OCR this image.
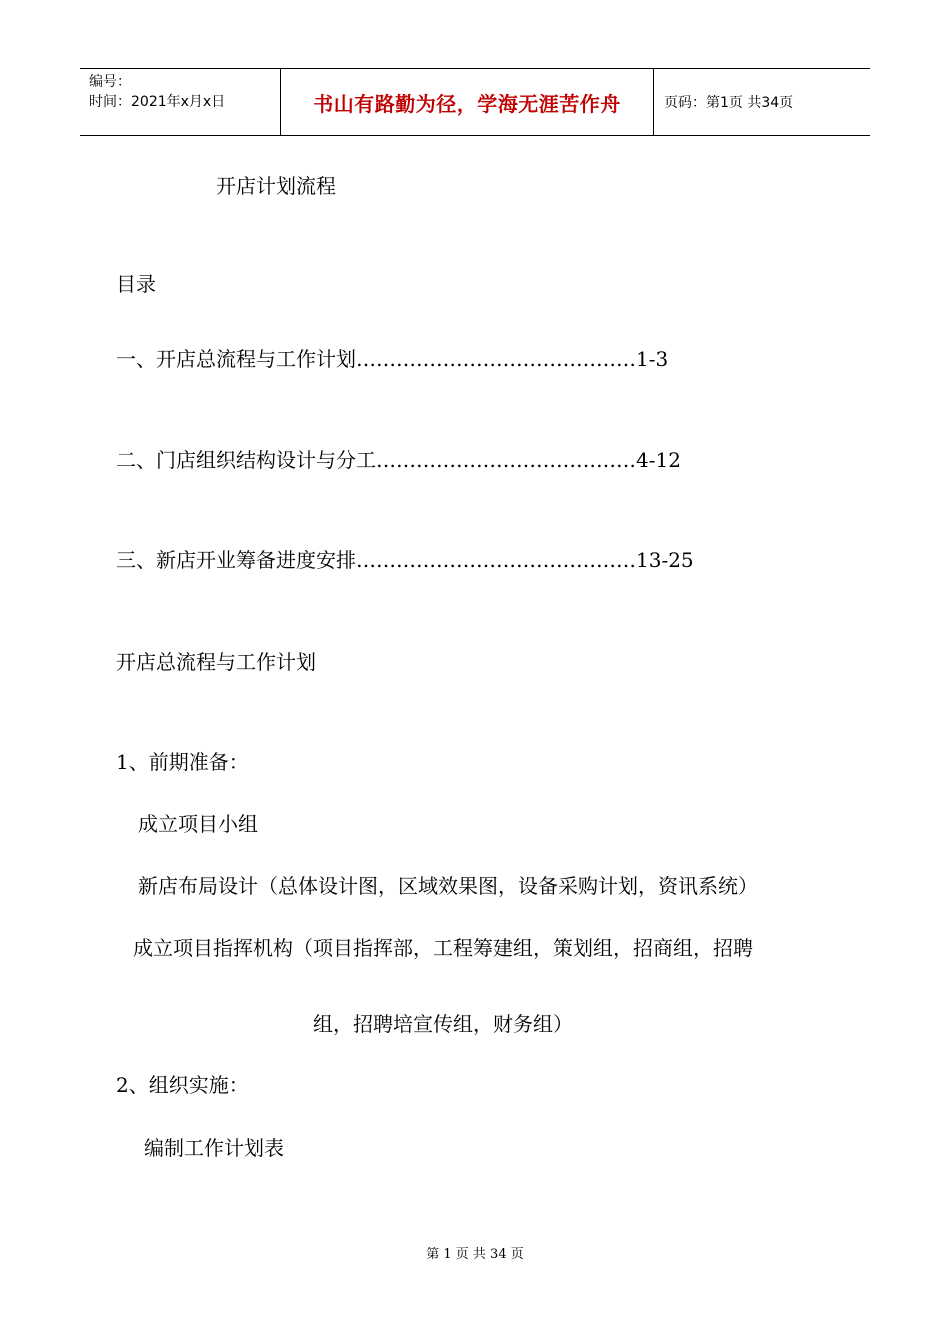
编号：
时间：2021年x月x日	书山有路勤为径，学海无涯苦作舟	页码：第1页 共34页
开店计划流程
目录
一、开店总流程与工作计划……………………………………1-3
二、门店组织结构设计与分工…………………………………4-12
三、新店开业筹备进度安排……………………………………13-25
开店总流程与工作计划
1、前期准备：
成立项目小组
新店布局设计（总体设计图，区域效果图，设备采购计划，资讯系统）
成立项目指挥机构（项目指挥部，工程筹建组，策划组，招商组，招聘
组，招聘培宣传组，财务组）
2、组织实施：
编制工作计划表
第 1 页 共 34 页
